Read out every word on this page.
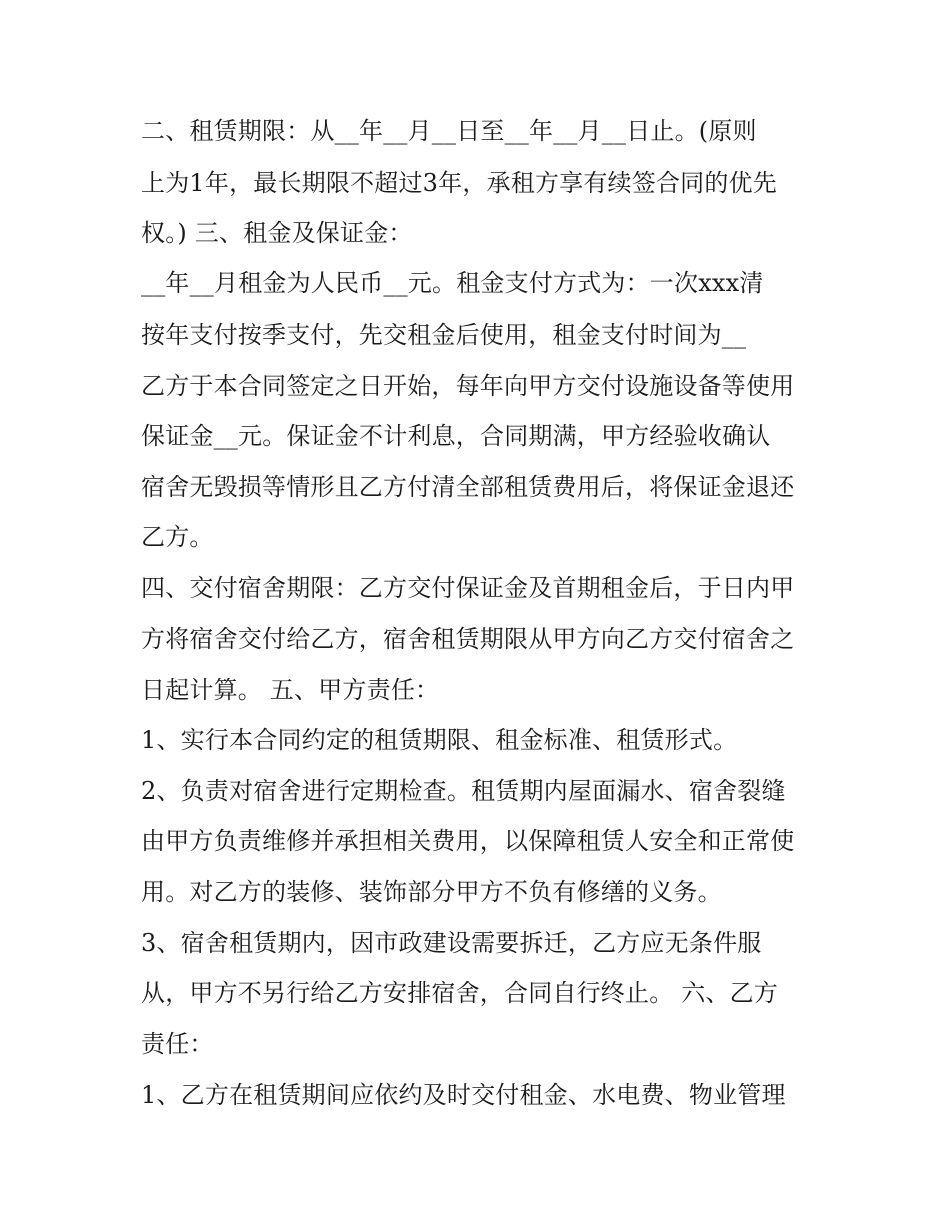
二、租赁期限：从__年__月__日至__年__月__日止。(原则

上为1年，最长期限不超过3年，承租方享有续签合同的优先

权。) 三、租金及保证金：

__年__月租金为人民币__元。租金支付方式为：一次xxx清

按年支付按季支付，先交租金后使用，租金支付时间为__

乙方于本合同签定之日开始，每年向甲方交付设施设备等使用

保证金__元。保证金不计利息，合同期满，甲方经验收确认

宿舍无毁损等情形且乙方付清全部租赁费用后，将保证金退还

乙方。

四、交付宿舍期限：乙方交付保证金及首期租金后，于日内甲

方将宿舍交付给乙方，宿舍租赁期限从甲方向乙方交付宿舍之

日起计算。 五、甲方责任：

1、实行本合同约定的租赁期限、租金标准、租赁形式。

2、负责对宿舍进行定期检查。租赁期内屋面漏水、宿舍裂缝

由甲方负责维修并承担相关费用，以保障租赁人安全和正常使

用。对乙方的装修、装饰部分甲方不负有修缮的义务。

3、宿舍租赁期内，因市政建设需要拆迁，乙方应无条件服

从，甲方不另行给乙方安排宿舍，合同自行终止。 六、乙方

责任：

1、乙方在租赁期间应依约及时交付租金、水电费、物业管理
